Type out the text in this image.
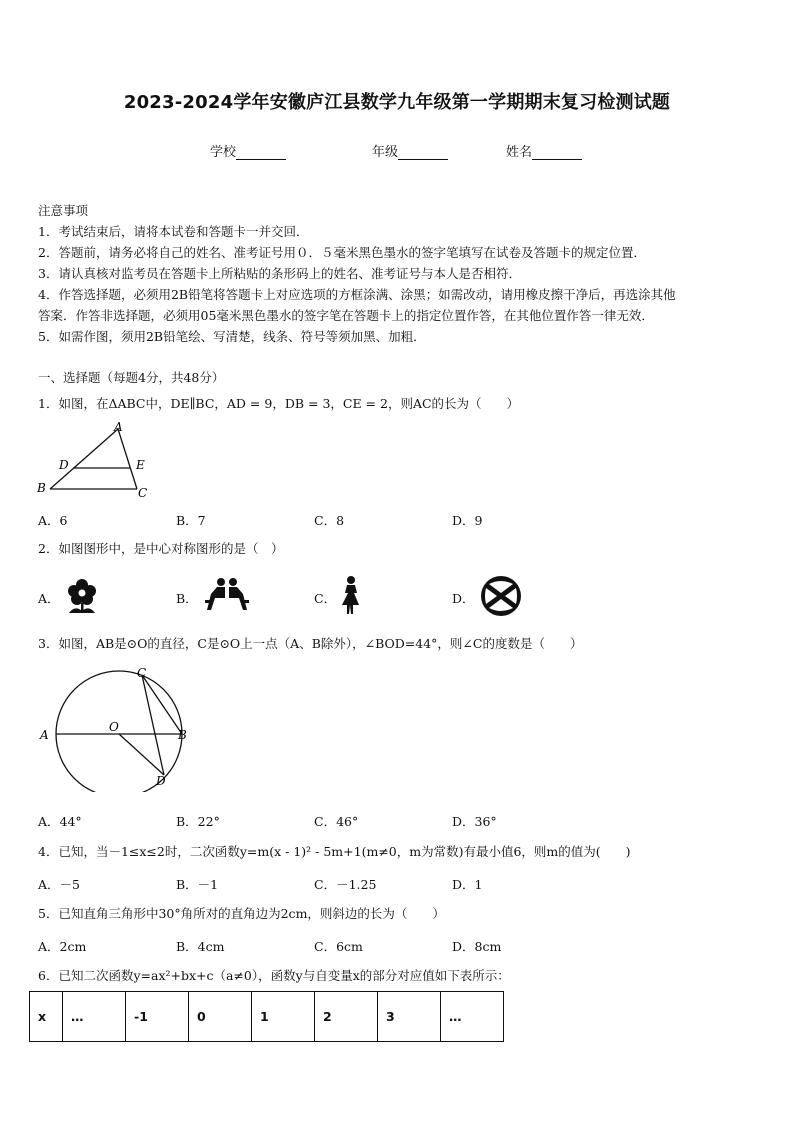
2023-2024学年安徽庐江县数学九年级第一学期期末复习检测试题
学校	年级	姓名
注意事项
1．考试结束后，请将本试卷和答题卡一并交回．
2．答题前，请务必将自己的姓名、准考证号用０．５毫米黑色墨水的签字笔填写在试卷及答题卡的规定位置．
3．请认真核对监考员在答题卡上所粘贴的条形码上的姓名、准考证号与本人是否相符．
4．作答选择题，必须用2B铅笔将答题卡上对应选项的方框涂满、涂黑；如需改动，请用橡皮擦干净后，再选涂其他
答案．作答非选择题，必须用05毫米黑色墨水的签字笔在答题卡上的指定位置作答，在其他位置作答一律无效．
5．如需作图，须用2B铅笔绘、写清楚，线条、符号等须加黑、加粗．
一、选择题（每题4分，共48分）
1．如图，在ΔABC中，DE∥BC，AD = 9，DB = 3，CE = 2，则AC的长为（　　）
A
D	E
B	C
A．6	B．7	C．8	D．9
2．如图图形中，是中心对称图形的是（　）
A．	B．	C．	D．
3．如图，AB是⊙O的直径，C是⊙O上一点（A、B除外），∠BOD=44°，则∠C的度数是（　　）
C
A
O
B
D
A．44°	B．22°	C．46°	D．36°
4．已知，当－1≤x≤2时，二次函数y=m(x - 1)² - 5m+1(m≠0，m为常数)有最小值6，则m的值为(　　)
A．－5	B．－1	C．－1.25	D．1
5．已知直角三角形中30°角所对的直角边为2cm，则斜边的长为（　　）
A．2cm	B．4cm	C．6cm	D．8cm
6．已知二次函数y=ax²+bx+c（a≠0），函数y与自变量x的部分对应值如下表所示：
x	…	-1	0	1	2	3	…
